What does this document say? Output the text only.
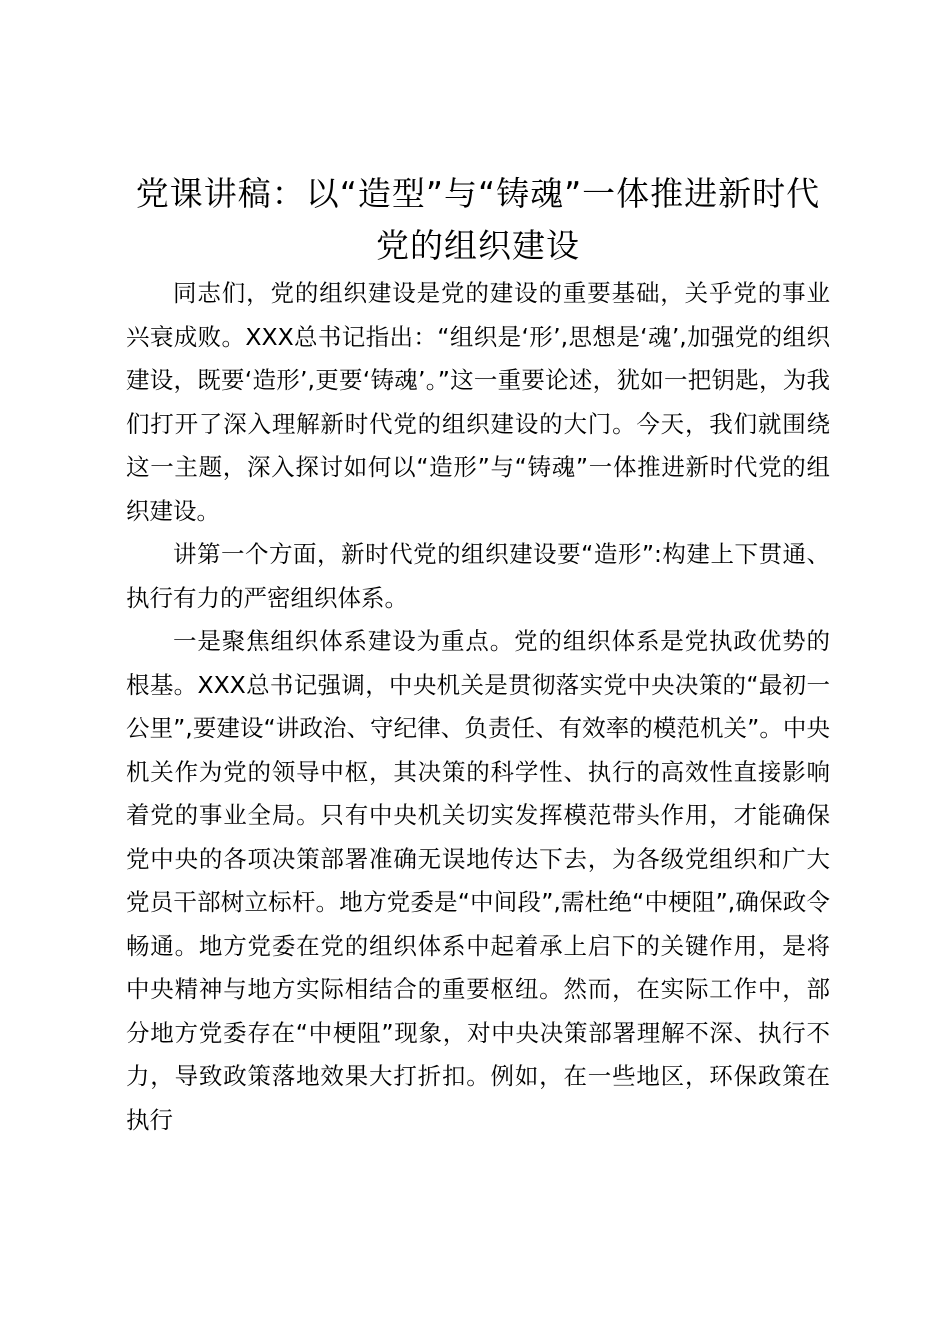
党课讲稿：以“造型”与“铸魂”一体推进新时代党的组织建设

同志们，党的组织建设是党的建设的重要基础，关乎党的事业兴衰成败。XXX总书记指出：“组织是‘形’,思想是‘魂’,加强党的组织建设，既要‘造形’,更要‘铸魂’。”这一重要论述，犹如一把钥匙，为我们打开了深入理解新时代党的组织建设的大门。今天，我们就围绕这一主题，深入探讨如何以“造形”与“铸魂”一体推进新时代党的组织建设。

讲第一个方面，新时代党的组织建设要“造形”:构建上下贯通、执行有力的严密组织体系。

一是聚焦组织体系建设为重点。党的组织体系是党执政优势的根基。XXX总书记强调，中央机关是贯彻落实党中央决策的“最初一公里”,要建设“讲政治、守纪律、负责任、有效率的模范机关”。中央机关作为党的领导中枢，其决策的科学性、执行的高效性直接影响着党的事业全局。只有中央机关切实发挥模范带头作用，才能确保党中央的各项决策部署准确无误地传达下去，为各级党组织和广大党员干部树立标杆。地方党委是“中间段”,需杜绝“中梗阻”,确保政令畅通。地方党委在党的组织体系中起着承上启下的关键作用，是将中央精神与地方实际相结合的重要枢纽。然而，在实际工作中，部分地方党委存在“中梗阻”现象，对中央决策部署理解不深、执行不力，导致政策落地效果大打折扣。例如，在一些地区，环保政策在执行
